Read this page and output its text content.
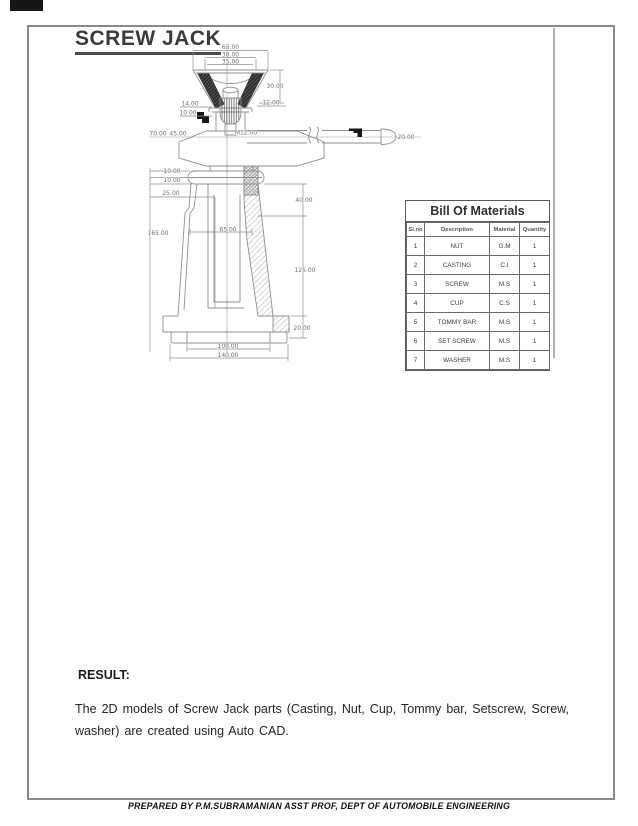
SCREW JACK 65.00
38.00
35.00
30.00
14.00	12.00
10.00
70.00 45.00	M12.00
20.00
10.00
10.00
25.00
40.00
165.00	65.00
125.00
20.00
100.00
140.00
Bill Of Materials
Sl.no	Description	Material	Quantity
1	NUT	G.M	1
2	CASTING	C.I	1
3	SCREW	M.S	1
4	CUP	C.S	1
5	TOMMY BAR	M.S	1
6	SET SCREW	M.S	1
7	WASHER	M.S	1
RESULT:

The 2D models of Screw Jack parts (Casting, Nut, Cup, Tommy bar, Setscrew, Screw, washer) are created using Auto CAD.

PREPARED BY P.M.SUBRAMANIAN ASST PROF, DEPT OF AUTOMOBILE ENGINEERING
